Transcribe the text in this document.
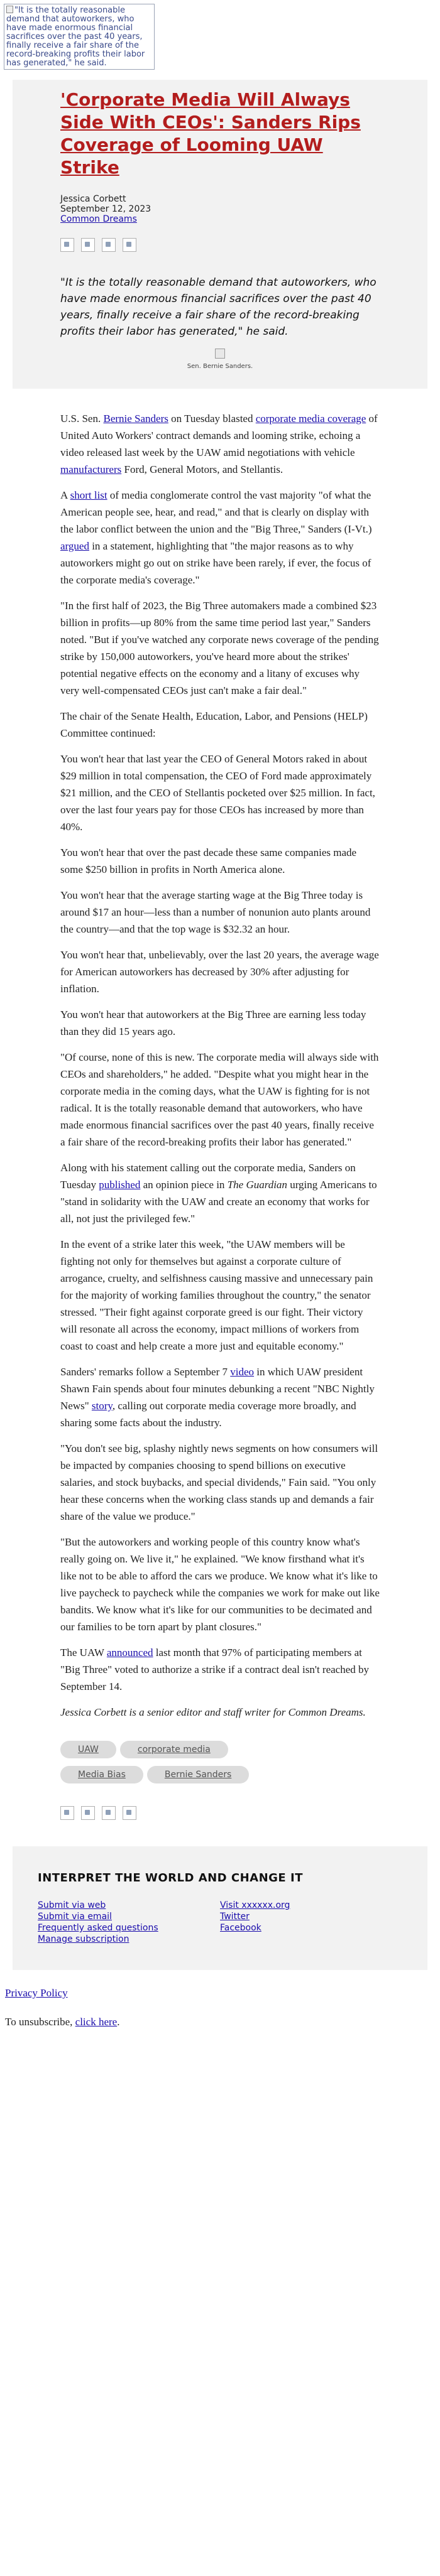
"It is the totally reasonable demand that autoworkers, who have made enormous financial sacrifices over the past 40 years, finally receive a fair share of the record-breaking profits their labor has generated," he said.
'Corporate Media Will Always Side With CEOs': Sanders Rips Coverage of Looming UAW Strike
Jessica Corbett
September 12, 2023
Common Dreams
"It is the totally reasonable demand that autoworkers, who have made enormous financial sacrifices over the past 40 years, finally receive a fair share of the record-breaking profits their labor has generated," he said.
Sen. Bernie Sanders.

U.S. Sen. Bernie Sanders on Tuesday blasted corporate media coverage of United Auto Workers' contract demands and looming strike, echoing a video released last week by the UAW amid negotiations with vehicle manufacturers Ford, General Motors, and Stellantis.

A short list of media conglomerate control the vast majority "of what the American people see, hear, and read," and that is clearly on display with the labor conflict between the union and the "Big Three," Sanders (I-Vt.) argued in a statement, highlighting that "the major reasons as to why autoworkers might go out on strike have been rarely, if ever, the focus of the corporate media's coverage."

"In the first half of 2023, the Big Three automakers made a combined $23 billion in profits—up 80% from the same time period last year," Sanders noted. "But if you've watched any corporate news coverage of the pending strike by 150,000 autoworkers, you've heard more about the strikes' potential negative effects on the economy and a litany of excuses why very well-compensated CEOs just can't make a fair deal."

The chair of the Senate Health, Education, Labor, and Pensions (HELP) Committee continued:

You won't hear that last year the CEO of General Motors raked in about $29 million in total compensation, the CEO of Ford made approximately $21 million, and the CEO of Stellantis pocketed over $25 million. In fact, over the last four years pay for those CEOs has increased by more than 40%.

You won't hear that over the past decade these same companies made some $250 billion in profits in North America alone.

You won't hear that the average starting wage at the Big Three today is around $17 an hour—less than a number of nonunion auto plants around the country—and that the top wage is $32.32 an hour.

You won't hear that, unbelievably, over the last 20 years, the average wage for American autoworkers has decreased by 30% after adjusting for inflation.

You won't hear that autoworkers at the Big Three are earning less today than they did 15 years ago.

"Of course, none of this is new. The corporate media will always side with CEOs and shareholders," he added. "Despite what you might hear in the corporate media in the coming days, what the UAW is fighting for is not radical. It is the totally reasonable demand that autoworkers, who have made enormous financial sacrifices over the past 40 years, finally receive a fair share of the record-breaking profits their labor has generated."

Along with his statement calling out the corporate media, Sanders on Tuesday published an opinion piece in The Guardian urging Americans to "stand in solidarity with the UAW and create an economy that works for all, not just the privileged few."

In the event of a strike later this week, "the UAW members will be fighting not only for themselves but against a corporate culture of arrogance, cruelty, and selfishness causing massive and unnecessary pain for the majority of working families throughout the country," the senator stressed. "Their fight against corporate greed is our fight. Their victory will resonate all across the economy, impact millions of workers from coast to coast and help create a more just and equitable economy."

Sanders' remarks follow a September 7 video in which UAW president Shawn Fain spends about four minutes debunking a recent "NBC Nightly News" story, calling out corporate media coverage more broadly, and sharing some facts about the industry.

"You don't see big, splashy nightly news segments on how consumers will be impacted by companies choosing to spend billions on executive salaries, and stock buybacks, and special dividends," Fain said. "You only hear these concerns when the working class stands up and demands a fair share of the value we produce."

"But the autoworkers and working people of this country know what's really going on. We live it," he explained. "We know firsthand what it's like not to be able to afford the cars we produce. We know what it's like to live paycheck to paycheck while the companies we work for make out like bandits. We know what it's like for our communities to be decimated and our families to be torn apart by plant closures."

The UAW announced last month that 97% of participating members at "Big Three" voted to authorize a strike if a contract deal isn't reached by September 14.

Jessica Corbett is a senior editor and staff writer for Common Dreams.

UAW	corporate media
Media Bias	Bernie Sanders
INTERPRET THE WORLD AND CHANGE IT
Submit via web
Submit via email
Frequently asked questions
Manage subscription
Visit xxxxxx.org
Twitter
Facebook

Privacy Policy

To unsubscribe, click here.
